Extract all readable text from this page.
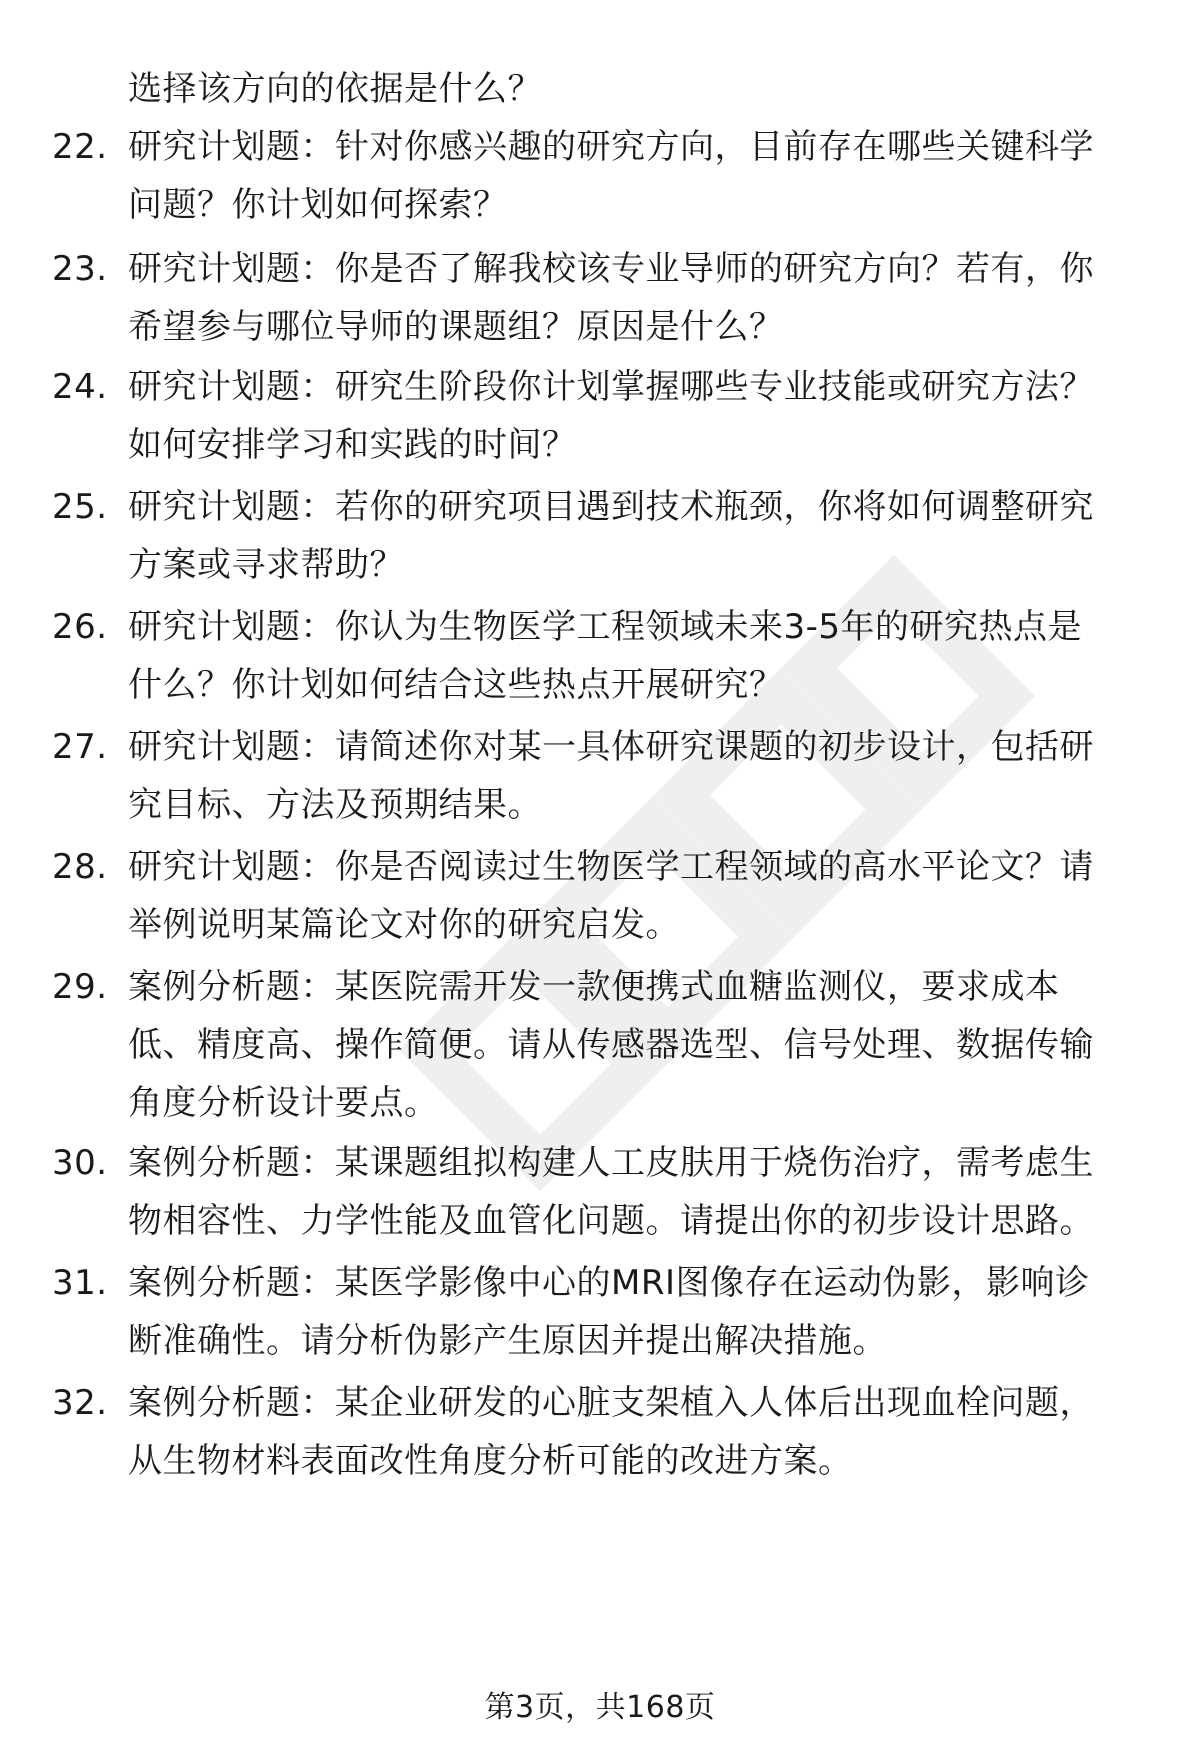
选择该方向的依据是什么？
22. 研究计划题：针对你感兴趣的研究方向，目前存在哪些关键科学
问题？你计划如何探索？
23. 研究计划题：你是否了解我校该专业导师的研究方向？若有，你
希望参与哪位导师的课题组？原因是什么？
24. 研究计划题：研究生阶段你计划掌握哪些专业技能或研究方法？
如何安排学习和实践的时间？
25. 研究计划题：若你的研究项目遇到技术瓶颈，你将如何调整研究
方案或寻求帮助？
26. 研究计划题：你认为生物医学工程领域未来3-5年的研究热点是
什么？你计划如何结合这些热点开展研究？
27. 研究计划题：请简述你对某一具体研究课题的初步设计，包括研
究目标、方法及预期结果。
28. 研究计划题：你是否阅读过生物医学工程领域的高水平论文？请
举例说明某篇论文对你的研究启发。
29. 案例分析题：某医院需开发一款便携式血糖监测仪，要求成本
低、精度高、操作简便。请从传感器选型、信号处理、数据传输
角度分析设计要点。
30. 案例分析题：某课题组拟构建人工皮肤用于烧伤治疗，需考虑生
物相容性、力学性能及血管化问题。请提出你的初步设计思路。
31. 案例分析题：某医学影像中心的MRI图像存在运动伪影，影响诊
断准确性。请分析伪影产生原因并提出解决措施。
32. 案例分析题：某企业研发的心脏支架植入人体后出现血栓问题，
从生物材料表面改性角度分析可能的改进方案。
第3页，共168页
